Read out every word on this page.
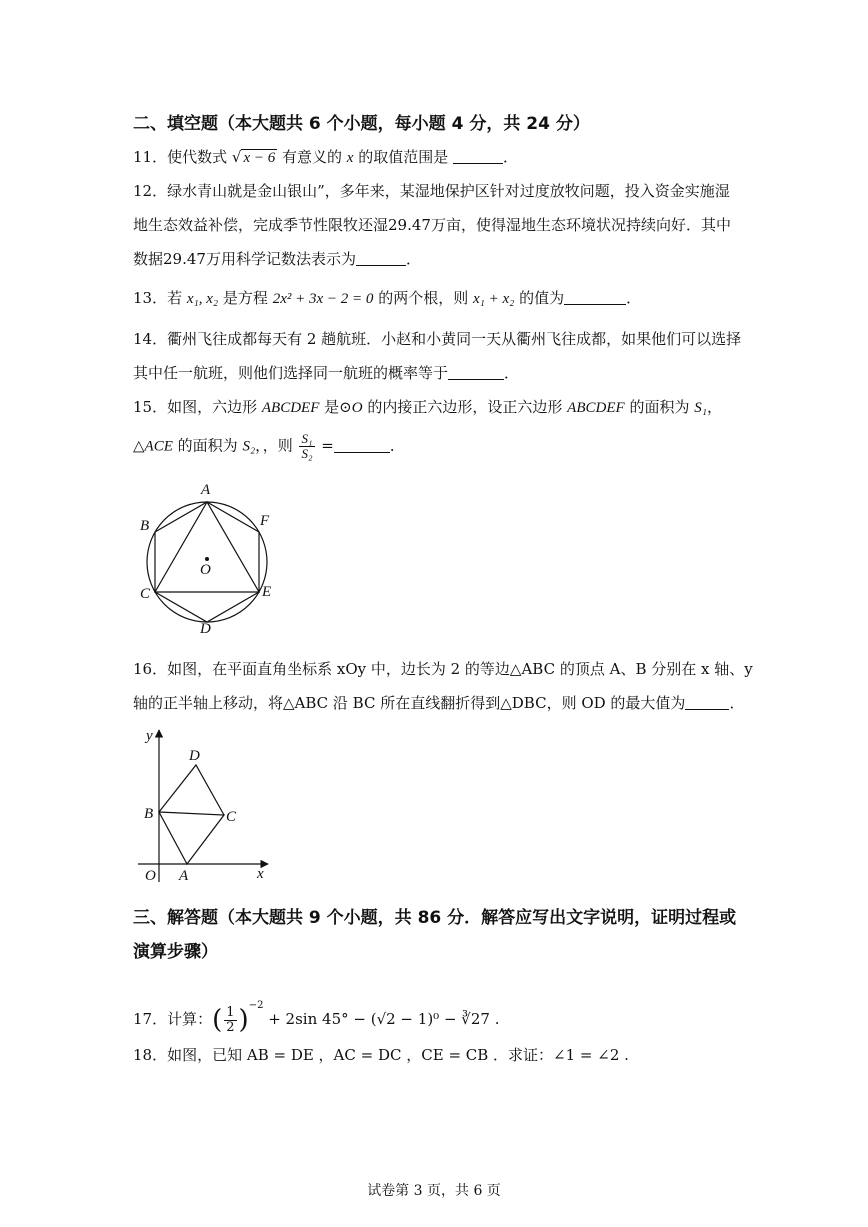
二、填空题（本大题共 6 个小题，每小题 4 分，共 24 分）
11．使代数式 √ x − 6 有意义的 x 的取值范围是	．
12．绿水青山就是金山银山”，多年来，某湿地保护区针对过度放牧问题，投入资金实施湿
地生态效益补偿，完成季节性限牧还湿29.47万亩，使得湿地生态环境状况持续向好．其中
数据29.47万用科学记数法表示为	．
13．若 x₁, x₂ 是方程 2x² + 3x − 2 = 0 的两个根，则 x₁ + x₂ 的值为	．
14．衢州飞往成都每天有 2 趟航班．小赵和小黄同一天从衢州飞往成都，如果他们可以选择
其中任一航班，则他们选择同一航班的概率等于	．
15．如图，六边形 ABCDEF 是⊙O 的内接正六边形，设正六边形 ABCDEF 的面积为 S₁，
△ACE 的面积为 S₂，，则 $\frac{\text{S₁}}{\text{S₂}}$ =	．
A
B	F
O
C	E
D
16．如图，在平面直角坐标系 xOy 中，边长为 2 的等边△ABC 的顶点 A、B 分别在 x 轴、y
轴的正半轴上移动，将△ABC 沿 BC 所在直线翻折得到△DBC，则 OD 的最大值为	．
y
D
B	C
O A	x
三、解答题（本大题共 9 个小题，共 86 分．解答应写出文字说明，证明过程或
演算步骤）
17．计算：( $\frac{1}{2} )^{-2} + 2\sin$ 45° − (√2 − 1)⁰ − ∛27 .
18．如图，已知 AB = DE ，AC = DC ，CE = CB ．求证：∠1 = ∠2 .
试卷第 3 页，共 6 页
